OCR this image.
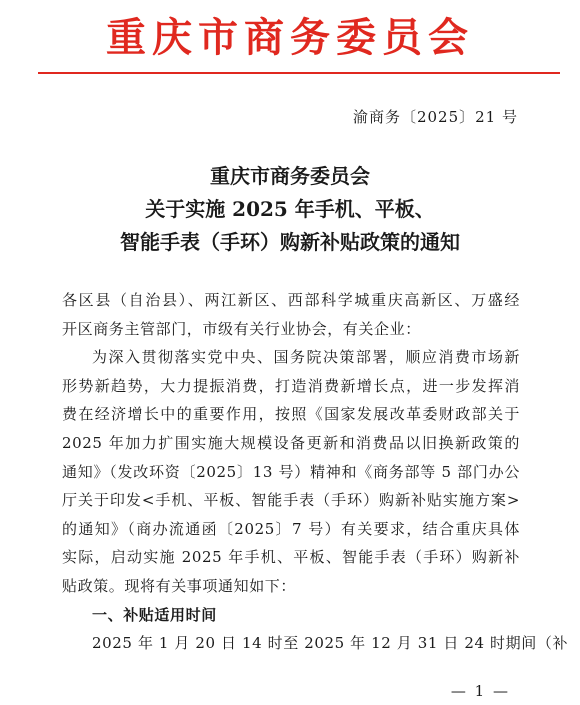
重庆市商务委员会
渝商务〔2025〕21 号
重庆市商务委员会
关于实施 2025 年手机、平板、
智能手表（手环）购新补贴政策的通知

各区县（自治县）、两江新区、西部科学城重庆高新区、万盛经
开区商务主管部门，市级有关行业协会，有关企业：

为深入贯彻落实党中央、国务院决策部署，顺应消费市场新
形势新趋势，大力提振消费，打造消费新增长点，进一步发挥消
费在经济增长中的重要作用，按照《国家发展改革委财政部关于
2025 年加力扩围实施大规模设备更新和消费品以旧换新政策的
通知》（发改环资〔2025〕13 号）精神和《商务部等 5 部门办公
厅关于印发<手机、平板、智能手表（手环）购新补贴实施方案>
的通知》（商办流通函〔2025〕7 号）有关要求，结合重庆具体
实际，启动实施 2025 年手机、平板、智能手表（手环）购新补
贴政策。现将有关事项通知如下：

一、补贴适用时间

2025 年 1 月 20 日 14 时至 2025 年 12 月 31 日 24 时期间（补

— 1 —
